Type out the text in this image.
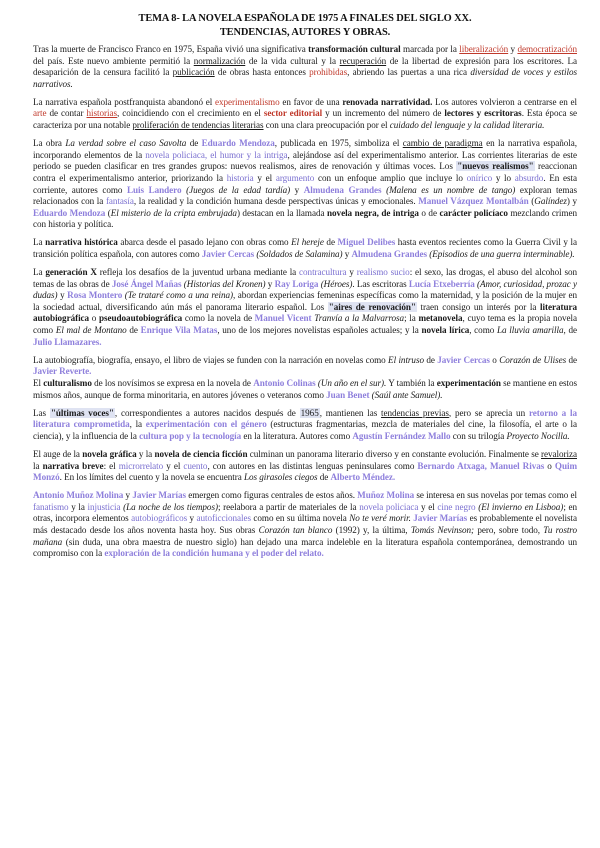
TEMA 8- LA NOVELA ESPAÑOLA DE 1975 A FINALES DEL SIGLO XX.
TENDENCIAS, AUTORES Y OBRAS.

Tras la muerte de Francisco Franco en 1975, España vivió una significativa transformación cultural marcada por la liberalización y democratización del país. Este nuevo ambiente permitió la normalización de la vida cultural y la recuperación de la libertad de expresión para los escritores. La desaparición de la censura facilitó la publicación de obras hasta entonces prohibidas, abriendo las puertas a una rica diversidad de voces y estilos narrativos.

La narrativa española postfranquista abandonó el experimentalismo en favor de una renovada narratividad. Los autores volvieron a centrarse en el arte de contar historias, coincidiendo con el crecimiento en el sector editorial y un incremento del número de lectores y escritoras. Esta época se caracteriza por una notable proliferación de tendencias literarias con una clara preocupación por el cuidado del lenguaje y la calidad literaria.

La obra La verdad sobre el caso Savolta de Eduardo Mendoza, publicada en 1975, simboliza el cambio de paradigma en la narrativa española, incorporando elementos de la novela policiaca, el humor y la intriga, alejándose así del experimentalismo anterior. Las corrientes literarias de este periodo se pueden clasificar en tres grandes grupos: nuevos realismos, aires de renovación y últimas voces. Los "nuevos realismos" reaccionan contra el experimentalismo anterior, priorizando la historia y el argumento con un enfoque amplio que incluye lo onírico y lo absurdo. En esta corriente, autores como Luis Landero (Juegos de la edad tardía) y Almudena Grandes (Malena es un nombre de tango) exploran temas relacionados con la fantasía, la realidad y la condición humana desde perspectivas únicas y emocionales. Manuel Vázquez Montalbán (Galíndez) y Eduardo Mendoza (El misterio de la cripta embrujada) destacan en la llamada novela negra, de intriga o de carácter policíaco mezclando crimen con historia y política.

La narrativa histórica abarca desde el pasado lejano con obras como El hereje de Miguel Delibes hasta eventos recientes como la Guerra Civil y la transición política española, con autores como Javier Cercas (Soldados de Salamina) y Almudena Grandes (Episodios de una guerra interminable).

La generación X refleja los desafíos de la juventud urbana mediante la contracultura y realismo sucio: el sexo, las drogas, el abuso del alcohol son temas de las obras de José Ángel Mañas (Historias del Kronen) y Ray Loriga (Héroes). Las escritoras Lucía Etxeberría (Amor, curiosidad, prozac y dudas) y Rosa Montero (Te trataré como a una reina), abordan experiencias femeninas específicas como la maternidad, y la posición de la mujer en la sociedad actual, diversificando aún más el panorama literario español. Los "aires de renovación" traen consigo un interés por la literatura autobiográfica o pseudoautobiográfica como la novela de Manuel Vicent Tranvía a la Malvarrosa; la metanovela, cuyo tema es la propia novela como El mal de Montano de Enrique Vila Matas, uno de los mejores novelistas españoles actuales; y la novela lírica, como La lluvia amarilla, de Julio Llamazares.

La autobiografía, biografía, ensayo, el libro de viajes se funden con la narración en novelas como El intruso de Javier Cercas o Corazón de Ulises de Javier Reverte.
El culturalismo de los novísimos se expresa en la novela de Antonio Colinas (Un año en el sur). Y también la experimentación se mantiene en estos mismos años, aunque de forma minoritaria, en autores jóvenes o veteranos como Juan Benet (Saúl ante Samuel).

Las "últimas voces", correspondientes a autores nacidos después de 1965, mantienen las tendencias previas, pero se aprecia un retorno a la literatura comprometida, la experimentación con el género (estructuras fragmentarias, mezcla de materiales del cine, la filosofía, el arte o la ciencia), y la influencia de la cultura pop y la tecnología en la literatura. Autores como Agustín Fernández Mallo con su trilogía Proyecto Nocilla.

El auge de la novela gráfica y la novela de ciencia ficción culminan un panorama literario diverso y en constante evolución. Finalmente se revaloriza la narrativa breve: el microrrelato y el cuento, con autores en las distintas lenguas peninsulares como Bernardo Atxaga, Manuel Rivas o Quim Monzó. En los límites del cuento y la novela se encuentra Los girasoles ciegos de Alberto Méndez.

Antonio Muñoz Molina y Javier Marías emergen como figuras centrales de estos años. Muñoz Molina se interesa en sus novelas por temas como el fanatismo y la injusticia (La noche de los tiempos); reelabora a partir de materiales de la novela policiaca y el cine negro (El invierno en Lisboa); en otras, incorpora elementos autobiográficos y autoficcionales como en su última novela No te veré morir. Javier Marías es probablemente el novelista más destacado desde los años noventa hasta hoy. Sus obras Corazón tan blanco (1992) y, la última, Tomás Nevinson; pero, sobre todo, Tu rostro mañana (sin duda, una obra maestra de nuestro siglo) han dejado una marca indeleble en la literatura española contemporánea, demostrando un compromiso con la exploración de la condición humana y el poder del relato.
